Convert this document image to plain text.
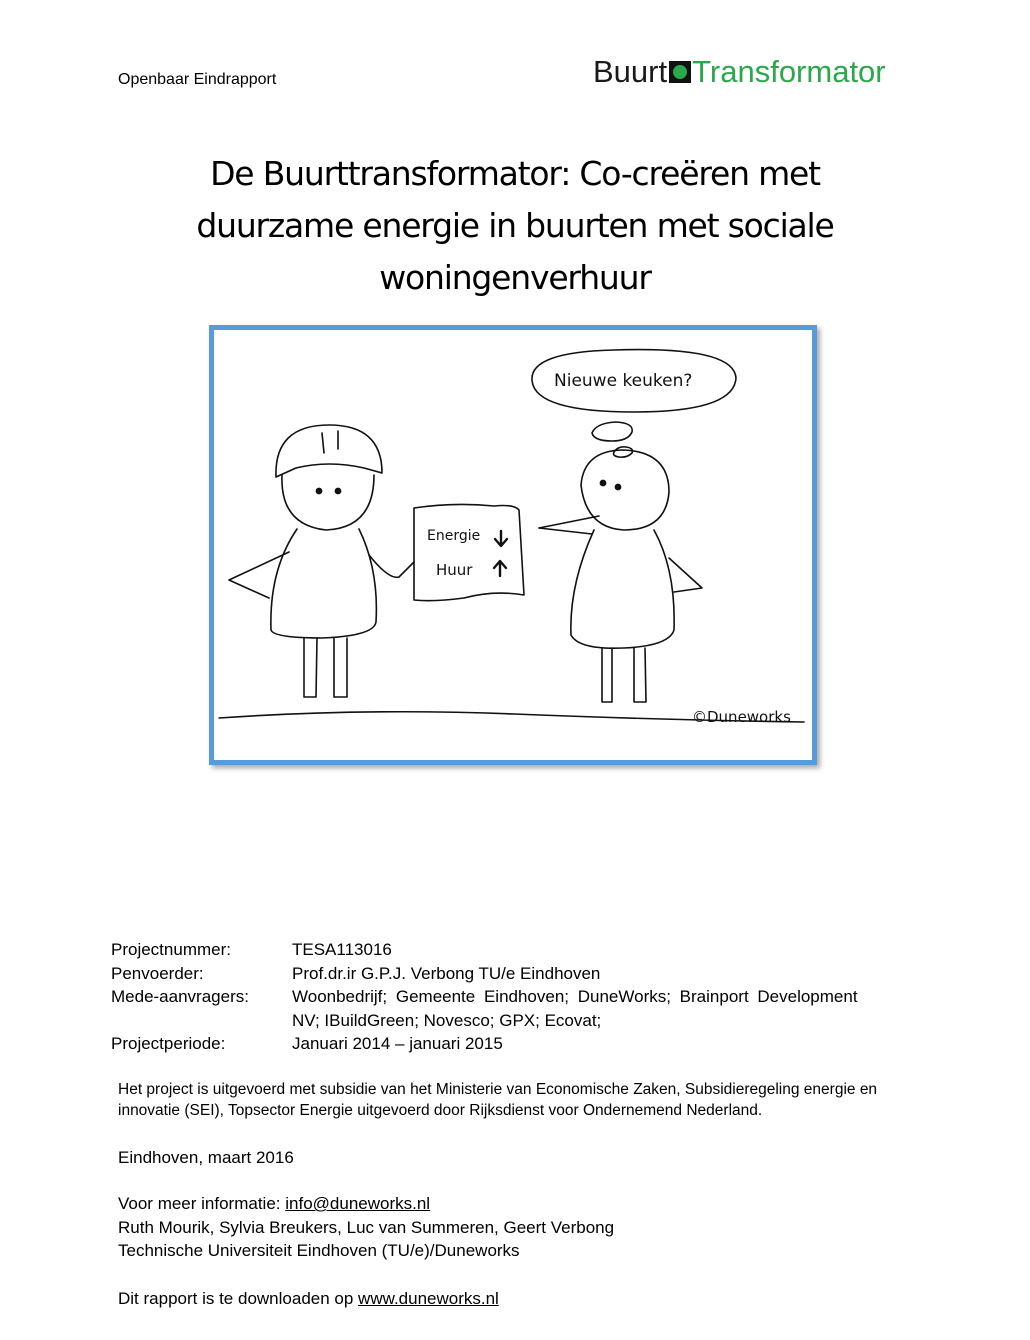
Openbaar Eindrapport	Buurt Transformator
De Buurttransformator: Co-creëren met
duurzame energie in buurten met sociale
woningenverhuur
Nieuwe keuken?
Energie
Huur
©Duneworks
Projectnummer:	TESA113016
Penvoerder:	Prof.dr.ir G.P.J. Verbong TU/e Eindhoven
Mede-aanvragers:	Woonbedrijf; Gemeente Eindhoven; DuneWorks; Brainport Development
NV; IBuildGreen; Novesco; GPX; Ecovat;
Projectperiode:	Januari 2014 – januari 2015
Het project is uitgevoerd met subsidie van het Ministerie van Economische Zaken, Subsidieregeling energie en innovatie (SEI), Topsector Energie uitgevoerd door Rijksdienst voor Ondernemend Nederland.
Eindhoven, maart 2016
Voor meer informatie: info@duneworks.nl
Ruth Mourik, Sylvia Breukers, Luc van Summeren, Geert Verbong
Technische Universiteit Eindhoven (TU/e)/Duneworks
Dit rapport is te downloaden op www.duneworks.nl
